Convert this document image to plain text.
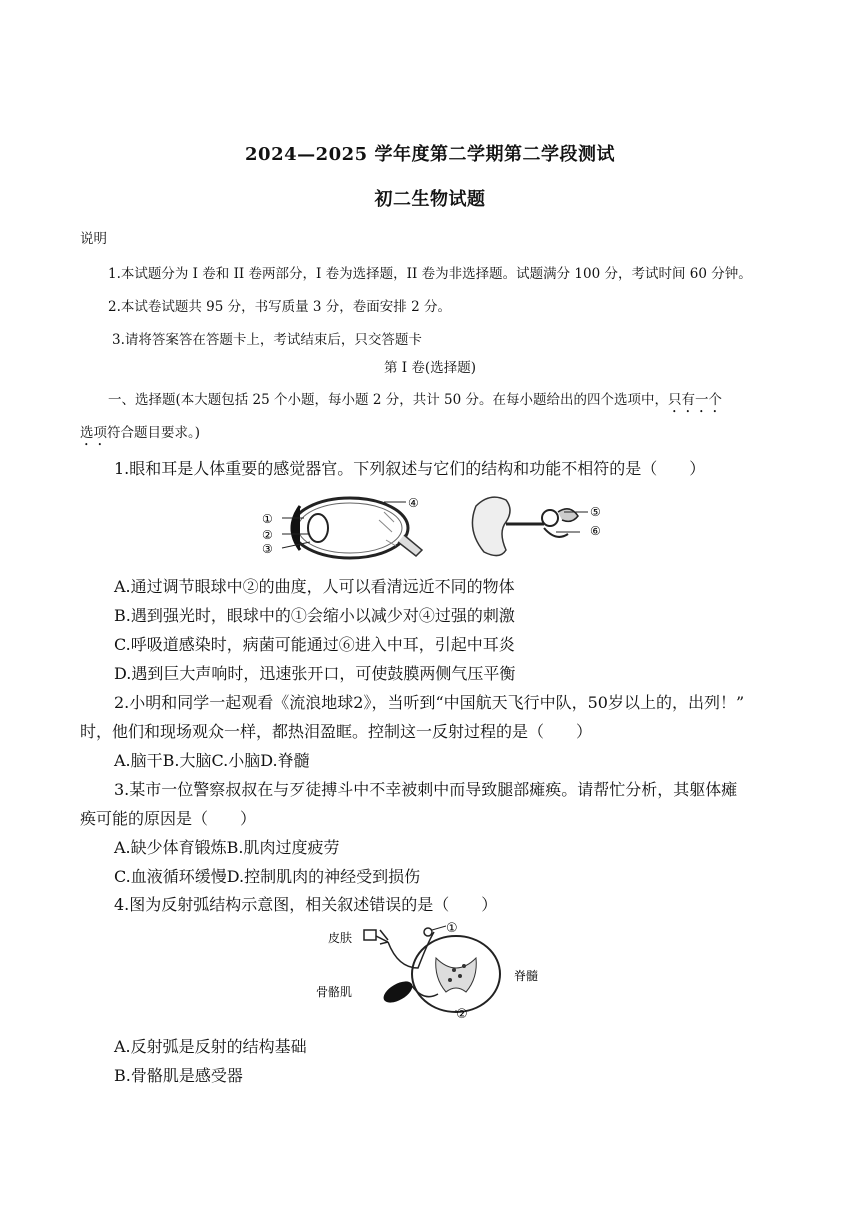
2024—2025 学年度第二学期第二学段测试
初二生物试题
说明
1.本试题分为 I 卷和 II 卷两部分，I 卷为选择题，II 卷为非选择题。试题满分 100 分，考试时间 60 分钟。
2.本试卷试题共 95 分，书写质量 3 分，卷面安排 2 分。
3.请将答案答在答题卡上，考试结束后，只交答题卡
第 I 卷(选择题)
一、选择题(本大题包括 25 个小题，每小题 2 分，共计 50 分。在每小题给出的四个选项中，只有一个
选项符合题目要求。)
1.眼和耳是人体重要的感觉器官。下列叙述与它们的结构和功能不相符的是（　　）
①
②
③
④
⑤
⑥
A.通过调节眼球中②的曲度，人可以看清远近不同的物体
B.遇到强光时，眼球中的①会缩小以减少对④过强的刺激
C.呼吸道感染时，病菌可能通过⑥进入中耳，引起中耳炎
D.遇到巨大声响时，迅速张开口，可使鼓膜两侧气压平衡
2.小明和同学一起观看《流浪地球2》，当听到“中国航天飞行中队，50岁以上的，出列！”
时，他们和现场观众一样，都热泪盈眶。控制这一反射过程的是（　　）
A.脑干B.大脑C.小脑D.脊髓
3.某市一位警察叔叔在与歹徒搏斗中不幸被刺中而导致腿部瘫痪。请帮忙分析，其躯体瘫
痪可能的原因是（　　）
A.缺少体育锻炼B.肌肉过度疲劳
C.血液循环缓慢D.控制肌肉的神经受到损伤
4.图为反射弧结构示意图，相关叙述错误的是（　　）
皮肤
①
脊髓
骨骼肌
②
A.反射弧是反射的结构基础
B.骨骼肌是感受器
